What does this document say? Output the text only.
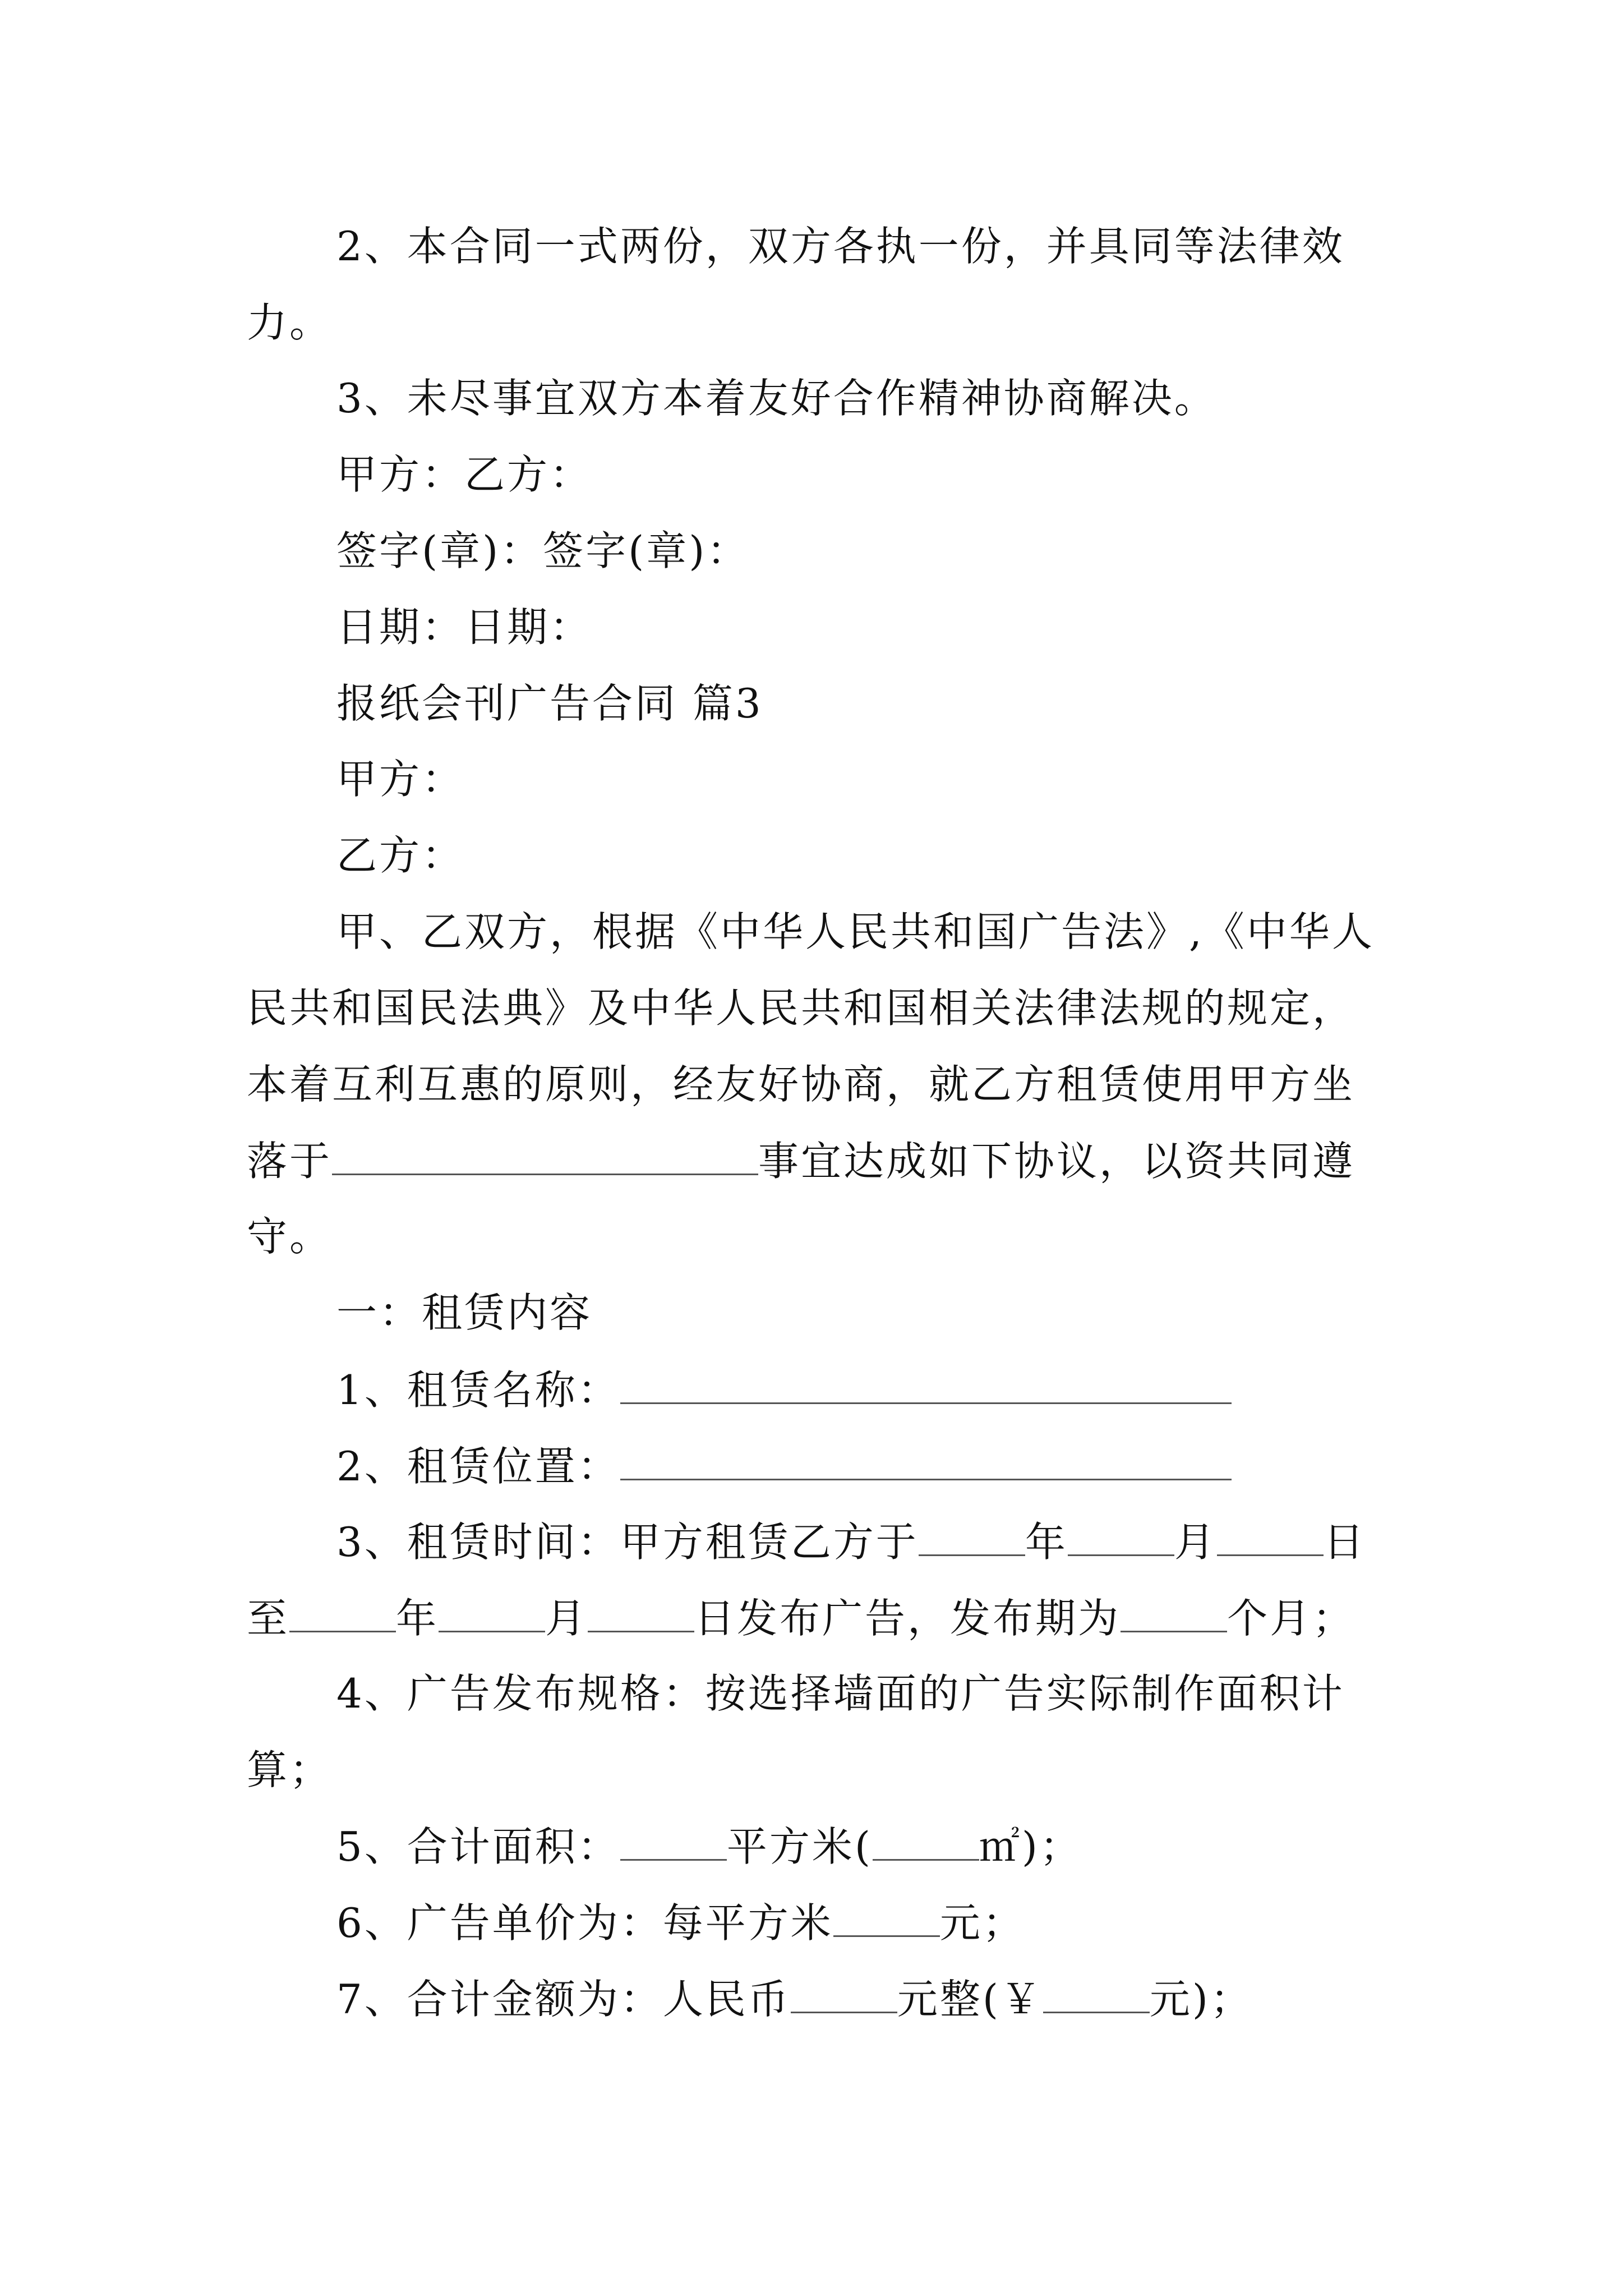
2、本合同一式两份，双方各执一份，并具同等法律效
力。
3、未尽事宜双方本着友好合作精神协商解决。
甲方：乙方：
签字(章)：签字(章)：
日期：日期：
报纸会刊广告合同 篇3
甲方：
乙方：
甲、乙双方，根据《中华人民共和国广告法》,《中华人
民共和国民法典》及中华人民共和国相关法律法规的规定，
本着互利互惠的原则，经友好协商，就乙方租赁使用甲方坐
落于	事宜达成如下协议，以资共同遵
守。
一：租赁内容
1、租赁名称：
2、租赁位置：
3、租赁时间：甲方租赁乙方于	年	月	日
至	年	月	日发布广告，发布期为	个月；
4、广告发布规格：按选择墙面的广告实际制作面积计
算；
5、合计面积：	平方米(	㎡)；
6、广告单价为：每平方米	元；
7、合计金额为：人民币	元整(￥	元)；
